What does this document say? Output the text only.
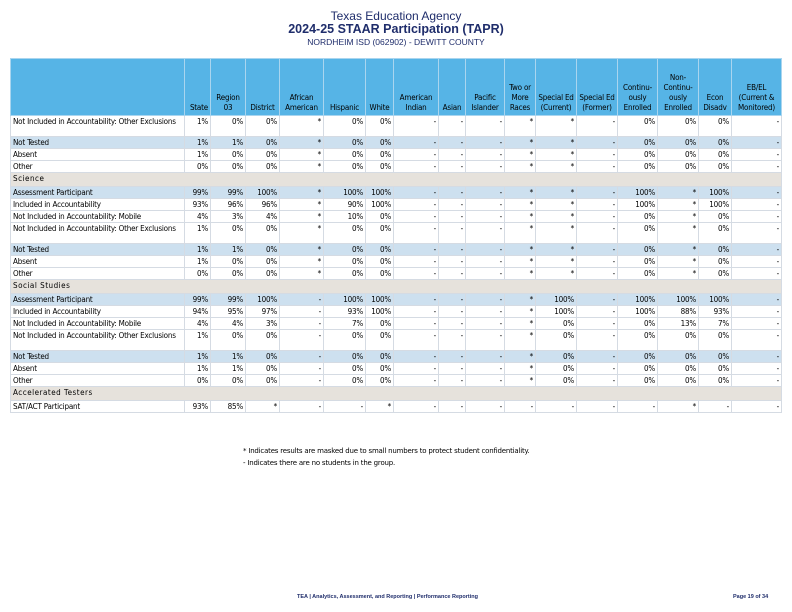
Texas Education Agency
2024-25 STAAR Participation (TAPR)
NORDHEIM ISD (062902) - DEWITT COUNTY
	State	Region 03	District	African American	Hispanic	White	American Indian	Asian	Pacific Islander	Two or More Races	Special Ed (Current)	Special Ed (Former)	Continu-ously Enrolled	Non-Continu-ously Enrolled	Econ Disadv	EB/EL (Current & Monitored)
Not Included in Accountability: Other Exclusions	1%	0%	0%	*	0%	0%	-	-	-	*	*	-	0%	0%	0%	-
Not Tested	1%	1%	0%	*	0%	0%	-	-	-	*	*	-	0%	0%	0%	-
Absent	1%	0%	0%	*	0%	0%	-	-	-	*	*	-	0%	0%	0%	-
Other	0%	0%	0%	*	0%	0%	-	-	-	*	*	-	0%	0%	0%	-
Science																
Assessment Participant	99%	99%	100%	*	100%	100%	-	-	-	*	*	-	100%	*	100%	-
Included in Accountability	93%	96%	96%	*	90%	100%	-	-	-	*	*	-	100%	*	100%	-
Not Included in Accountability: Mobile	4%	3%	4%	*	10%	0%	-	-	-	*	*	-	0%	*	0%	-
Not Included in Accountability: Other Exclusions	1%	0%	0%	*	0%	0%	-	-	-	*	*	-	0%	*	0%	-
Not Tested	1%	1%	0%	*	0%	0%	-	-	-	*	*	-	0%	*	0%	-
Absent	1%	0%	0%	*	0%	0%	-	-	-	*	*	-	0%	*	0%	-
Other	0%	0%	0%	*	0%	0%	-	-	-	*	*	-	0%	*	0%	-
Social Studies																
Assessment Participant	99%	99%	100%	-	100%	100%	-	-	-	*	100%	-	100%	100%	100%	-
Included in Accountability	94%	95%	97%	-	93%	100%	-	-	-	*	100%	-	100%	88%	93%	-
Not Included in Accountability: Mobile	4%	4%	3%	-	7%	0%	-	-	-	*	0%	-	0%	13%	7%	-
Not Included in Accountability: Other Exclusions	1%	0%	0%	-	0%	0%	-	-	-	*	0%	-	0%	0%	0%	-
Not Tested	1%	1%	0%	-	0%	0%	-	-	-	*	0%	-	0%	0%	0%	-
Absent	1%	1%	0%	-	0%	0%	-	-	-	*	0%	-	0%	0%	0%	-
Other	0%	0%	0%	-	0%	0%	-	-	-	*	0%	-	0%	0%	0%	-
Accelerated Testers																
SAT/ACT Participant	93%	85%	*	-	-	*	-	-	-	-	-	-	-	*	-	-
* Indicates results are masked due to small numbers to protect student confidentiality.
- Indicates there are no students in the group.
TEA | Analytics, Assessment, and Reporting | Performance Reporting	Page 19 of 34
